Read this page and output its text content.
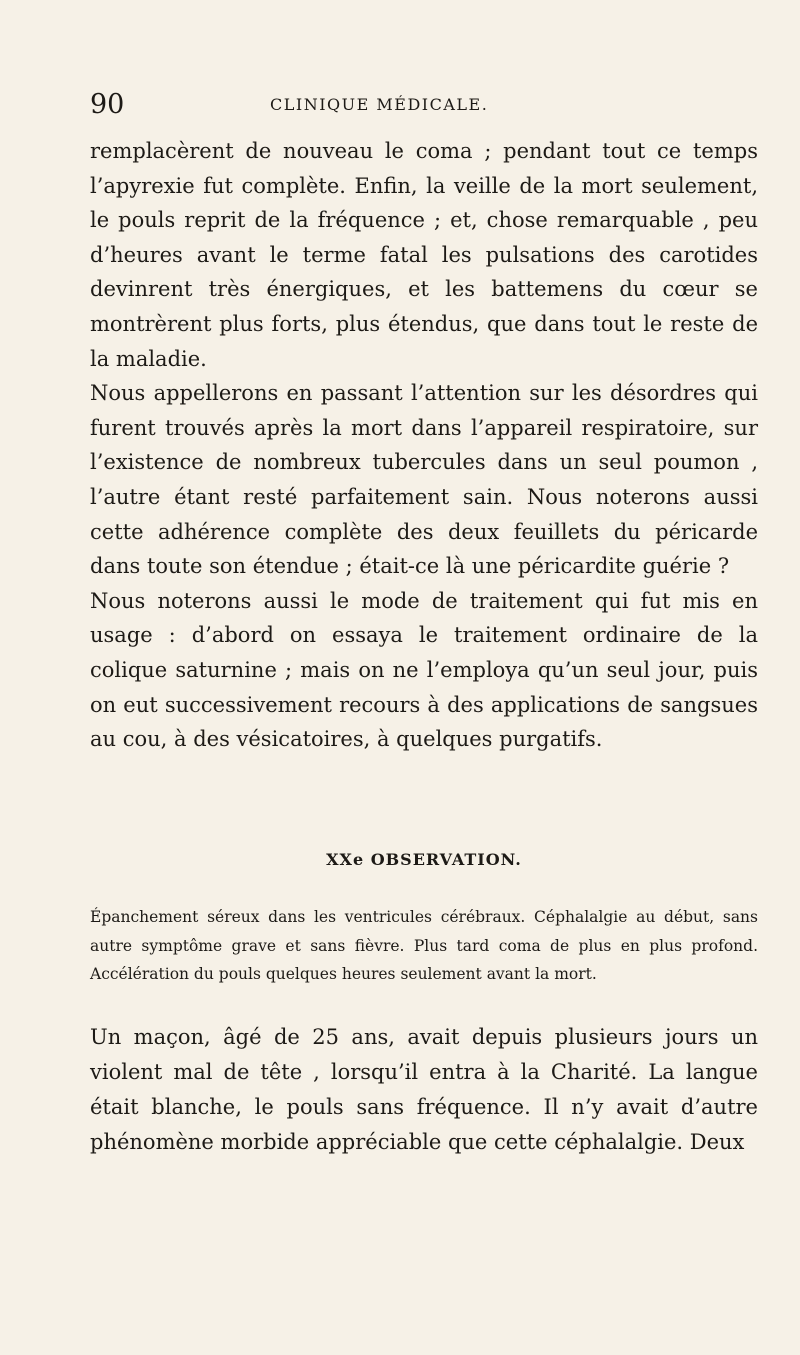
90	CLINIQUE MÉDICALE.

remplacèrent de nouveau le coma ; pendant tout ce temps l’apyrexie fut complète. Enfin, la veille de la mort seulement, le pouls reprit de la fréquence ; et, chose remarquable , peu d’heures avant le terme fatal les pulsations des carotides devinrent très énergiques, et les battemens du cœur se montrèrent plus forts, plus étendus, que dans tout le reste de la maladie.

Nous appellerons en passant l’attention sur les désordres qui furent trouvés après la mort dans l’appareil respiratoire, sur l’existence de nombreux tubercules dans un seul poumon , l’autre étant resté parfaitement sain. Nous noterons aussi cette adhérence complète des deux feuillets du péricarde dans toute son étendue ; était-ce là une péricardite guérie ?

Nous noterons aussi le mode de traitement qui fut mis en usage : d’abord on essaya le traitement ordinaire de la colique saturnine ; mais on ne l’employa qu’un seul jour, puis on eut successivement recours à des applications de sangsues au cou, à des vésicatoires, à quelques purgatifs.

XXe OBSERVATION.

Épanchement séreux dans les ventricules cérébraux. Céphalalgie au début, sans autre symptôme grave et sans fièvre. Plus tard coma de plus en plus profond. Accélération du pouls quelques heures seulement avant la mort.

Un maçon, âgé de 25 ans, avait depuis plusieurs jours un violent mal de tête , lorsqu’il entra à la Charité. La langue était blanche, le pouls sans fréquence. Il n’y avait d’autre phénomène morbide appréciable que cette céphalalgie. Deux
